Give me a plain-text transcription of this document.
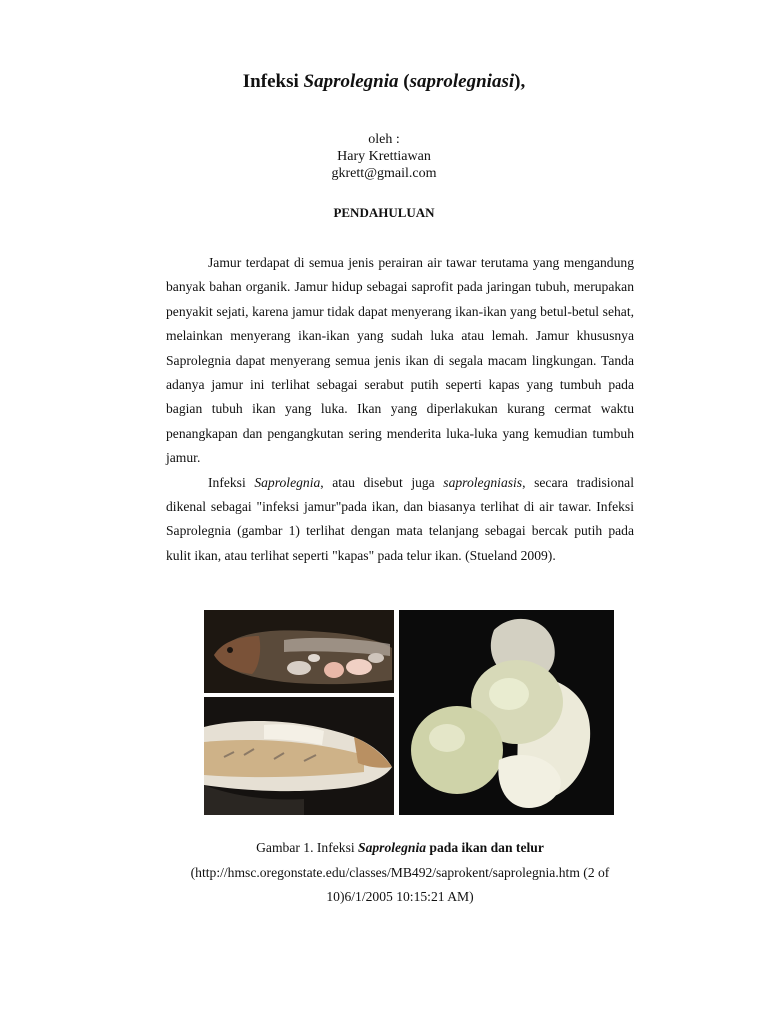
Infeksi Saprolegnia (saprolegniasi),
oleh :
Hary Krettiawan
gkrett@gmail.com
PENDAHULUAN

Jamur terdapat di semua jenis perairan air tawar terutama yang mengandung banyak bahan organik. Jamur hidup sebagai saprofit pada jaringan tubuh, merupakan penyakit sejati, karena jamur tidak dapat menyerang ikan-ikan yang betul-betul sehat, melainkan menyerang ikan-ikan yang sudah luka atau lemah. Jamur khususnya Saprolegnia dapat menyerang semua jenis ikan di segala macam lingkungan. Tanda adanya jamur ini terlihat sebagai serabut putih seperti kapas yang tumbuh pada bagian tubuh ikan yang luka. Ikan yang diperlakukan kurang cermat waktu penangkapan dan pengangkutan sering menderita luka-luka yang kemudian tumbuh jamur.

Infeksi Saprolegnia, atau disebut juga saprolegniasis, secara tradisional dikenal sebagai "infeksi jamur"pada ikan, dan biasanya terlihat di air tawar. Infeksi Saprolegnia (gambar 1) terlihat dengan mata telanjang sebagai bercak putih pada kulit ikan, atau terlihat seperti "kapas" pada telur ikan. (Stueland 2009).

Gambar 1. Infeksi Saprolegnia pada ikan dan telur
(http://hmsc.oregonstate.edu/classes/MB492/saprokent/saprolegnia.htm (2 of 10)6/1/2005 10:15:21 AM)
